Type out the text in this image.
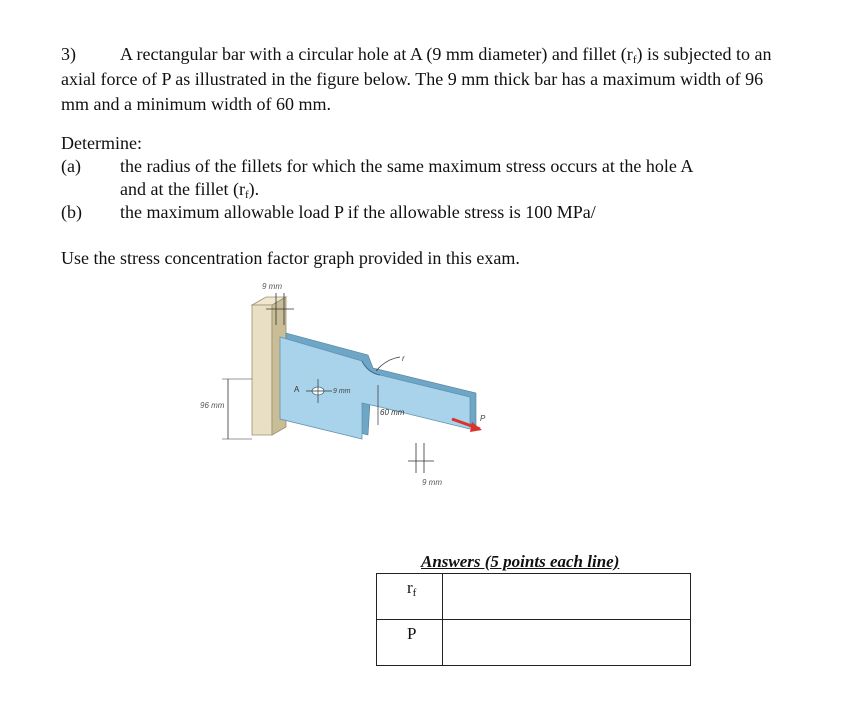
3) A rectangular bar with a circular hole at A (9 mm diameter) and fillet $(r_f)$ is subjected to an
axial force of P as illustrated in the figure below. The 9 mm thick bar has a maximum width of 96
mm and a minimum width of 60 mm.
Determine:
(a) the radius of the fillets for which the same maximum stress occurs at the hole A
and at the fillet $(r_f)$.
(b) the maximum allowable load P if the allowable stress is 100 MPa/
Use the stress concentration factor graph provided in this exam.
9 mm
A	9 mm
r
96 mm
60 mm
P
9 mm
Answers (5 points each line)
$r_f$	
P	
